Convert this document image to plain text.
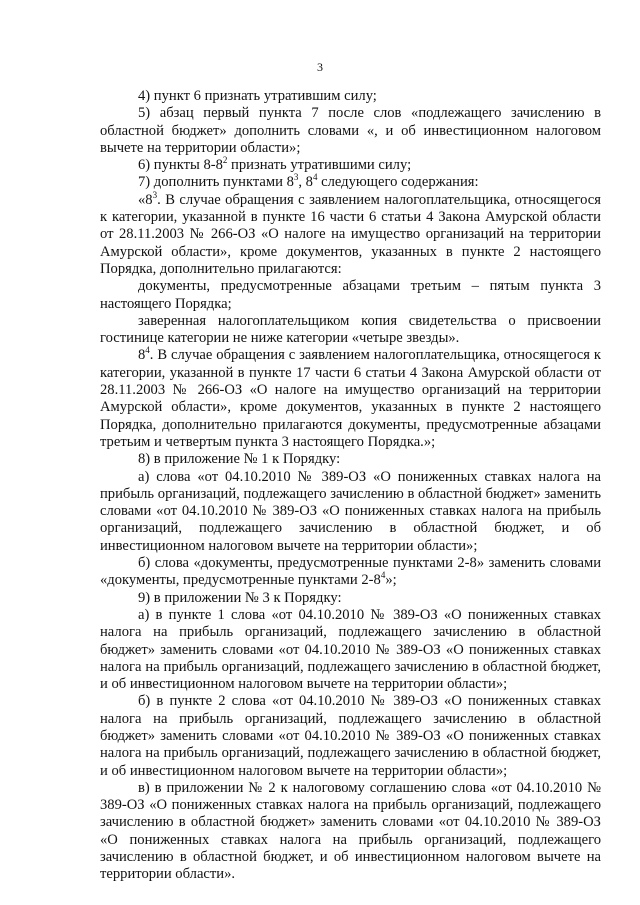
3

4) пункт 6 признать утратившим силу;

5) абзац первый пункта 7 после слов «подлежащего зачислению в областной бюджет» дополнить словами «, и об инвестиционном налоговом вычете на территории области»;

6) пункты $8-8^2$ признать утратившими силу;

7) дополнить пунктами $8^3$, $8^4$ следующего содержания:

«$8^3$. В случае обращения с заявлением налогоплательщика, относящегося к категории, указанной в пункте 16 части 6 статьи 4 Закона Амурской области от 28.11.2003 № 266-ОЗ «О налоге на имущество организаций на территории Амурской области», кроме документов, указанных в пункте 2 настоящего Порядка, дополнительно прилагаются:

документы, предусмотренные абзацами третьим – пятым пункта 3 настоящего Порядка;

заверенная налогоплательщиком копия свидетельства о присвоении гостинице категории не ниже категории «четыре звезды».

$8^4$. В случае обращения с заявлением налогоплательщика, относящегося к категории, указанной в пункте 17 части 6 статьи 4 Закона Амурской области от 28.11.2003 № 266-ОЗ «О налоге на имущество организаций на территории Амурской области», кроме документов, указанных в пункте 2 настоящего Порядка, дополнительно прилагаются документы, предусмотренные абзацами третьим и четвертым пункта 3 настоящего Порядка.»;

8) в приложение № 1 к Порядку:

а) слова «от 04.10.2010 № 389-ОЗ «О пониженных ставках налога на прибыль организаций, подлежащего зачислению в областной бюджет» заменить словами «от 04.10.2010 № 389-ОЗ «О пониженных ставках налога на прибыль организаций, подлежащего зачислению в областной бюджет, и об инвестиционном налоговом вычете на территории области»;

б) слова «документы, предусмотренные пунктами 2-8» заменить словами «документы, предусмотренные пунктами $2-8^4$»;

9) в приложении № 3 к Порядку:

а) в пункте 1 слова «от 04.10.2010 № 389-ОЗ «О пониженных ставках налога на прибыль организаций, подлежащего зачислению в областной бюджет» заменить словами «от 04.10.2010 № 389-ОЗ «О пониженных ставках налога на прибыль организаций, подлежащего зачислению в областной бюджет, и об инвестиционном налоговом вычете на территории области»;

б) в пункте 2 слова «от 04.10.2010 № 389-ОЗ «О пониженных ставках налога на прибыль организаций, подлежащего зачислению в областной бюджет» заменить словами «от 04.10.2010 № 389-ОЗ «О пониженных ставках налога на прибыль организаций, подлежащего зачислению в областной бюджет, и об инвестиционном налоговом вычете на территории области»;

в) в приложении № 2 к налоговому соглашению слова «от 04.10.2010 № 389-ОЗ «О пониженных ставках налога на прибыль организаций, подлежащего зачислению в областной бюджет» заменить словами «от 04.10.2010 № 389-ОЗ «О пониженных ставках налога на прибыль организаций, подлежащего зачислению в областной бюджет, и об инвестиционном налоговом вычете на территории области».
